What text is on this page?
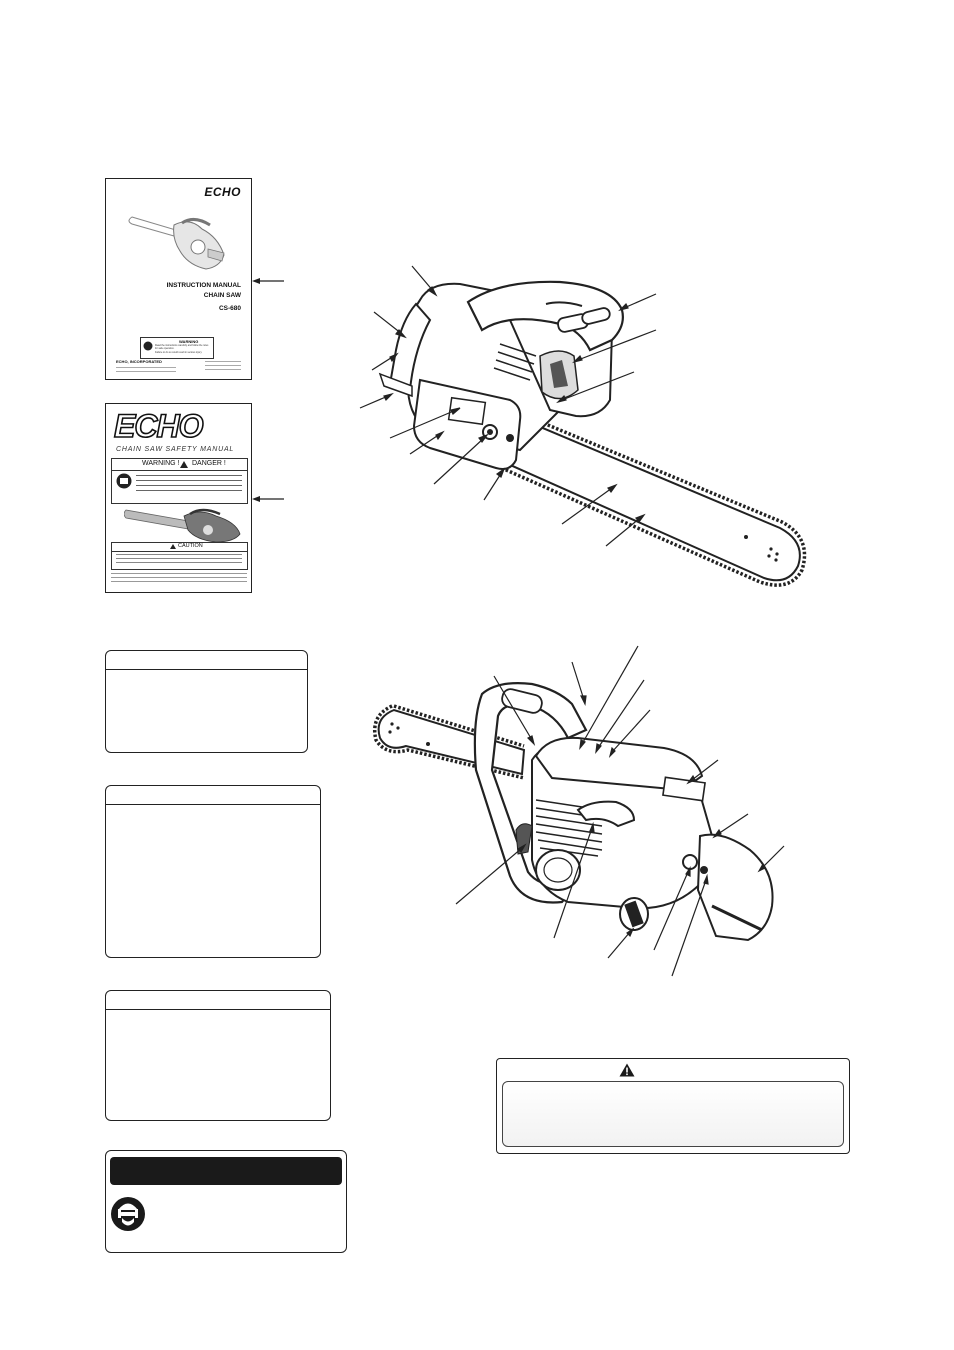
ECHO
INSTRUCTION MANUAL
CHAIN SAW
CS-680
WARNING
Read the instructions carefully and follow the rules for safe operation.
Failure to do so could result in serious injury.
ECHO, INCORPORATED
ECHO
CHAIN SAW SAFETY MANUAL
WARNING ! DANGER !
CAUTION
